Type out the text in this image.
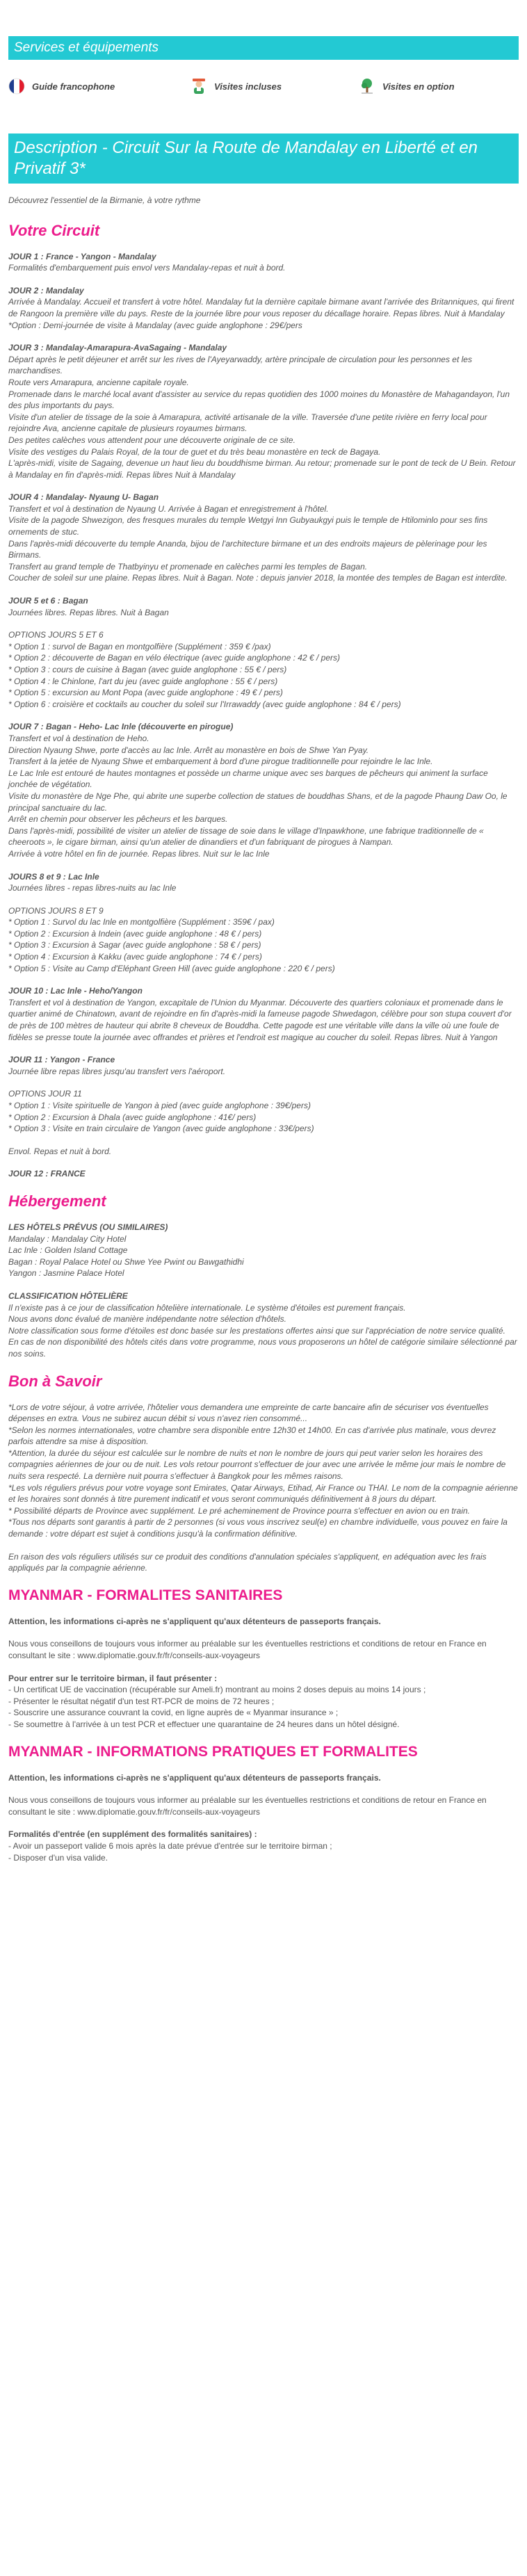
Services et équipements
Guide francophone	Visites incluses	Visites en option
Description - Circuit Sur la Route de Mandalay en Liberté et en Privatif 3*

Découvrez l'essentiel de la Birmanie, à votre rythme

Votre Circuit
JOUR 1 : France - Yangon - Mandalay
Formalités d'embarquement puis envol vers Mandalay-repas et nuit à bord.
JOUR 2 : Mandalay
Arrivée à Mandalay. Accueil et transfert à votre hôtel. Mandalay fut la dernière capitale birmane avant l'arrivée des Britanniques, qui firent de Rangoon la première ville du pays. Reste de la journée libre pour vous reposer du décallage horaire. Repas libres. Nuit à Mandalay
*Option : Demi-journée de visite à Mandalay (avec guide anglophone : 29€/pers
JOUR 3 : Mandalay-Amarapura-AvaSagaing - Mandalay
Départ après le petit déjeuner et arrêt sur les rives de l'Ayeyarwaddy, artère principale de circulation pour les personnes et les marchandises.
Route vers Amarapura, ancienne capitale royale.
Promenade dans le marché local avant d'assister au service du repas quotidien des 1000 moines du Monastère de Mahagandayon, l'un des plus importants du pays.
Visite d'un atelier de tissage de la soie à Amarapura, activité artisanale de la ville. Traversée d'une petite rivière en ferry local pour rejoindre Ava, ancienne capitale de plusieurs royaumes birmans.
Des petites calèches vous attendent pour une découverte originale de ce site.
Visite des vestiges du Palais Royal, de la tour de guet et du très beau monastère en teck de Bagaya.
L'après-midi, visite de Sagaing, devenue un haut lieu du bouddhisme birman. Au retour; promenade sur le pont de teck de U Bein. Retour à Mandalay en fin d'après-midi. Repas libres Nuit à Mandalay
JOUR 4 : Mandalay- Nyaung U- Bagan
Transfert et vol à destination de Nyaung U. Arrivée à Bagan et enregistrement à l'hôtel.
Visite de la pagode Shwezigon, des fresques murales du temple Wetgyi Inn Gubyaukgyi puis le temple de Htilominlo pour ses fins ornements de stuc.
Dans l'après-midi découverte du temple Ananda, bijou de l'architecture birmane et un des endroits majeurs de pèlerinage pour les Birmans.
Transfert au grand temple de Thatbyinyu et promenade en calèches parmi les temples de Bagan.
Coucher de soleil sur une plaine. Repas libres. Nuit à Bagan. Note : depuis janvier 2018, la montée des temples de Bagan est interdite.
JOUR 5 et 6 : Bagan
Journées libres. Repas libres. Nuit à Bagan
OPTIONS JOURS 5 ET 6
* Option 1 : survol de Bagan en montgolfière (Supplément : 359 € /pax)
* Option 2 : découverte de Bagan en vélo électrique (avec guide anglophone : 42 € / pers)
* Option 3 : cours de cuisine à Bagan (avec guide anglophone : 55 € / pers)
* Option 4 : le Chinlone, l'art du jeu (avec guide anglophone : 55 € / pers)
* Option 5 : excursion au Mont Popa (avec guide anglophone : 49 € / pers)
* Option 6 : croisière et cocktails au coucher du soleil sur l'Irrawaddy (avec guide anglophone : 84 € / pers)
JOUR 7 : Bagan - Heho- Lac Inle (découverte en pirogue)
Transfert et vol à destination de Heho.
Direction Nyaung Shwe, porte d'accès au lac Inle. Arrêt au monastère en bois de Shwe Yan Pyay.
Transfert à la jetée de Nyaung Shwe et embarquement à bord d'une pirogue traditionnelle pour rejoindre le lac Inle.
Le Lac Inle est entouré de hautes montagnes et possède un charme unique avec ses barques de pêcheurs qui animent la surface jonchée de végétation.
Visite du monastère de Nge Phe, qui abrite une superbe collection de statues de bouddhas Shans, et de la pagode Phaung Daw Oo, le principal sanctuaire du lac.
Arrêt en chemin pour observer les pêcheurs et les barques.
Dans l'après-midi, possibilité de visiter un atelier de tissage de soie dans le village d'Inpawkhone, une fabrique traditionnelle de « cheeroots », le cigare birman, ainsi qu'un atelier de dinandiers et d'un fabriquant de pirogues à Nampan.
Arrivée à votre hôtel en fin de journée. Repas libres. Nuit sur le lac Inle
JOURS 8 et 9 : Lac Inle
Journées libres - repas libres-nuits au lac Inle
OPTIONS JOURS 8 ET 9
* Option 1 : Survol du lac Inle en montgolfière (Supplément : 359€ / pax)
* Option 2 : Excursion à Indein (avec guide anglophone : 48 € / pers)
* Option 3 : Excursion à Sagar (avec guide anglophone : 58 € / pers)
* Option 4 : Excursion à Kakku (avec guide anglophone : 74 € / pers)
* Option 5 : Visite au Camp d'Eléphant Green Hill (avec guide anglophone : 220 € / pers)
JOUR 10 : Lac Inle - Heho/Yangon
Transfert et vol à destination de Yangon, excapitale de l'Union du Myanmar. Découverte des quartiers coloniaux et promenade dans le quartier animé de Chinatown, avant de rejoindre en fin d'après-midi la fameuse pagode Shwedagon, célèbre pour son stupa couvert d'or de près de 100 mètres de hauteur qui abrite 8 cheveux de Bouddha. Cette pagode est une véritable ville dans la ville où une foule de fidèles se presse toute la journée avec offrandes et prières et l'endroit est magique au coucher du soleil. Repas libres. Nuit à Yangon
JOUR 11 : Yangon - France
Journée libre repas libres jusqu'au transfert vers l'aéroport.
OPTIONS JOUR 11
* Option 1 : Visite spirituelle de Yangon à pied (avec guide anglophone : 39€/pers)
* Option 2 : Excursion à Dhala (avec guide anglophone : 41€/ pers)
* Option 3 : Visite en train circulaire de Yangon (avec guide anglophone : 33€/pers)
Envol. Repas et nuit à bord.
JOUR 12 : FRANCE
Hébergement
LES HÔTELS PRÉVUS (OU SIMILAIRES)
Mandalay : Mandalay City Hotel
Lac Inle : Golden Island Cottage
Bagan : Royal Palace Hotel ou Shwe Yee Pwint ou Bawgathidhi
Yangon : Jasmine Palace Hotel
CLASSIFICATION HÔTELIÈRE
Il n'existe pas à ce jour de classification hôtelière internationale. Le système d'étoiles est purement français.
Nous avons donc évalué de manière indépendante notre sélection d'hôtels.
Notre classification sous forme d'étoiles est donc basée sur les prestations offertes ainsi que sur l'appréciation de notre service qualité.
En cas de non disponibilité des hôtels cités dans votre programme, nous vous proposerons un hôtel de catégorie similaire sélectionné par nos soins.
Bon à Savoir
*Lors de votre séjour, à votre arrivée, l'hôtelier vous demandera une empreinte de carte bancaire afin de sécuriser vos éventuelles dépenses en extra. Vous ne subirez aucun débit si vous n'avez rien consommé...
*Selon les normes internationales, votre chambre sera disponible entre 12h30 et 14h00. En cas d'arrivée plus matinale, vous devrez parfois attendre sa mise à disposition.
*Attention, la durée du séjour est calculée sur le nombre de nuits et non le nombre de jours qui peut varier selon les horaires des compagnies aériennes de jour ou de nuit. Les vols retour pourront s'effectuer de jour avec une arrivée le même jour mais le nombre de nuits sera respecté. La dernière nuit pourra s'effectuer à Bangkok pour les mêmes raisons.
*Les vols réguliers prévus pour votre voyage sont Emirates, Qatar Airways, Etihad, Air France ou THAI. Le nom de la compagnie aérienne et les horaires sont donnés à titre purement indicatif et vous seront communiqués définitivement à 8 jours du départ.
* Possibilité départs de Province avec supplément. Le pré acheminement de Province pourra s'effectuer en avion ou en train.
*Tous nos départs sont garantis à partir de 2 personnes (si vous vous inscrivez seul(e) en chambre individuelle, vous pouvez en faire la demande : votre départ est sujet à conditions jusqu'à la confirmation définitive.

En raison des vols réguliers utilisés sur ce produit des conditions d'annulation spéciales s'appliquent, en adéquation avec les frais appliqués par la compagnie aérienne.

MYANMAR - FORMALITES SANITAIRES

Attention, les informations ci-après ne s'appliquent qu'aux détenteurs de passeports français.

Nous vous conseillons de toujours vous informer au préalable sur les éventuelles restrictions et conditions de retour en France en consultant le site : www.diplomatie.gouv.fr/fr/conseils-aux-voyageurs

Pour entrer sur le territoire birman, il faut présenter :
- Un certificat UE de vaccination (récupérable sur Ameli.fr) montrant au moins 2 doses depuis au moins 14 jours ;
- Présenter le résultat négatif d'un test RT-PCR de moins de 72 heures ;
- Souscrire une assurance couvrant la covid, en ligne auprès de « Myanmar insurance » ;
- Se soumettre à l'arrivée à un test PCR et effectuer une quarantaine de 24 heures dans un hôtel désigné.
MYANMAR - INFORMATIONS PRATIQUES ET FORMALITES

Attention, les informations ci-après ne s'appliquent qu'aux détenteurs de passeports français.

Nous vous conseillons de toujours vous informer au préalable sur les éventuelles restrictions et conditions de retour en France en consultant le site : www.diplomatie.gouv.fr/fr/conseils-aux-voyageurs

Formalités d'entrée (en supplément des formalités sanitaires) :
- Avoir un passeport valide 6 mois après la date prévue d'entrée sur le territoire birman ;
- Disposer d'un visa valide.
